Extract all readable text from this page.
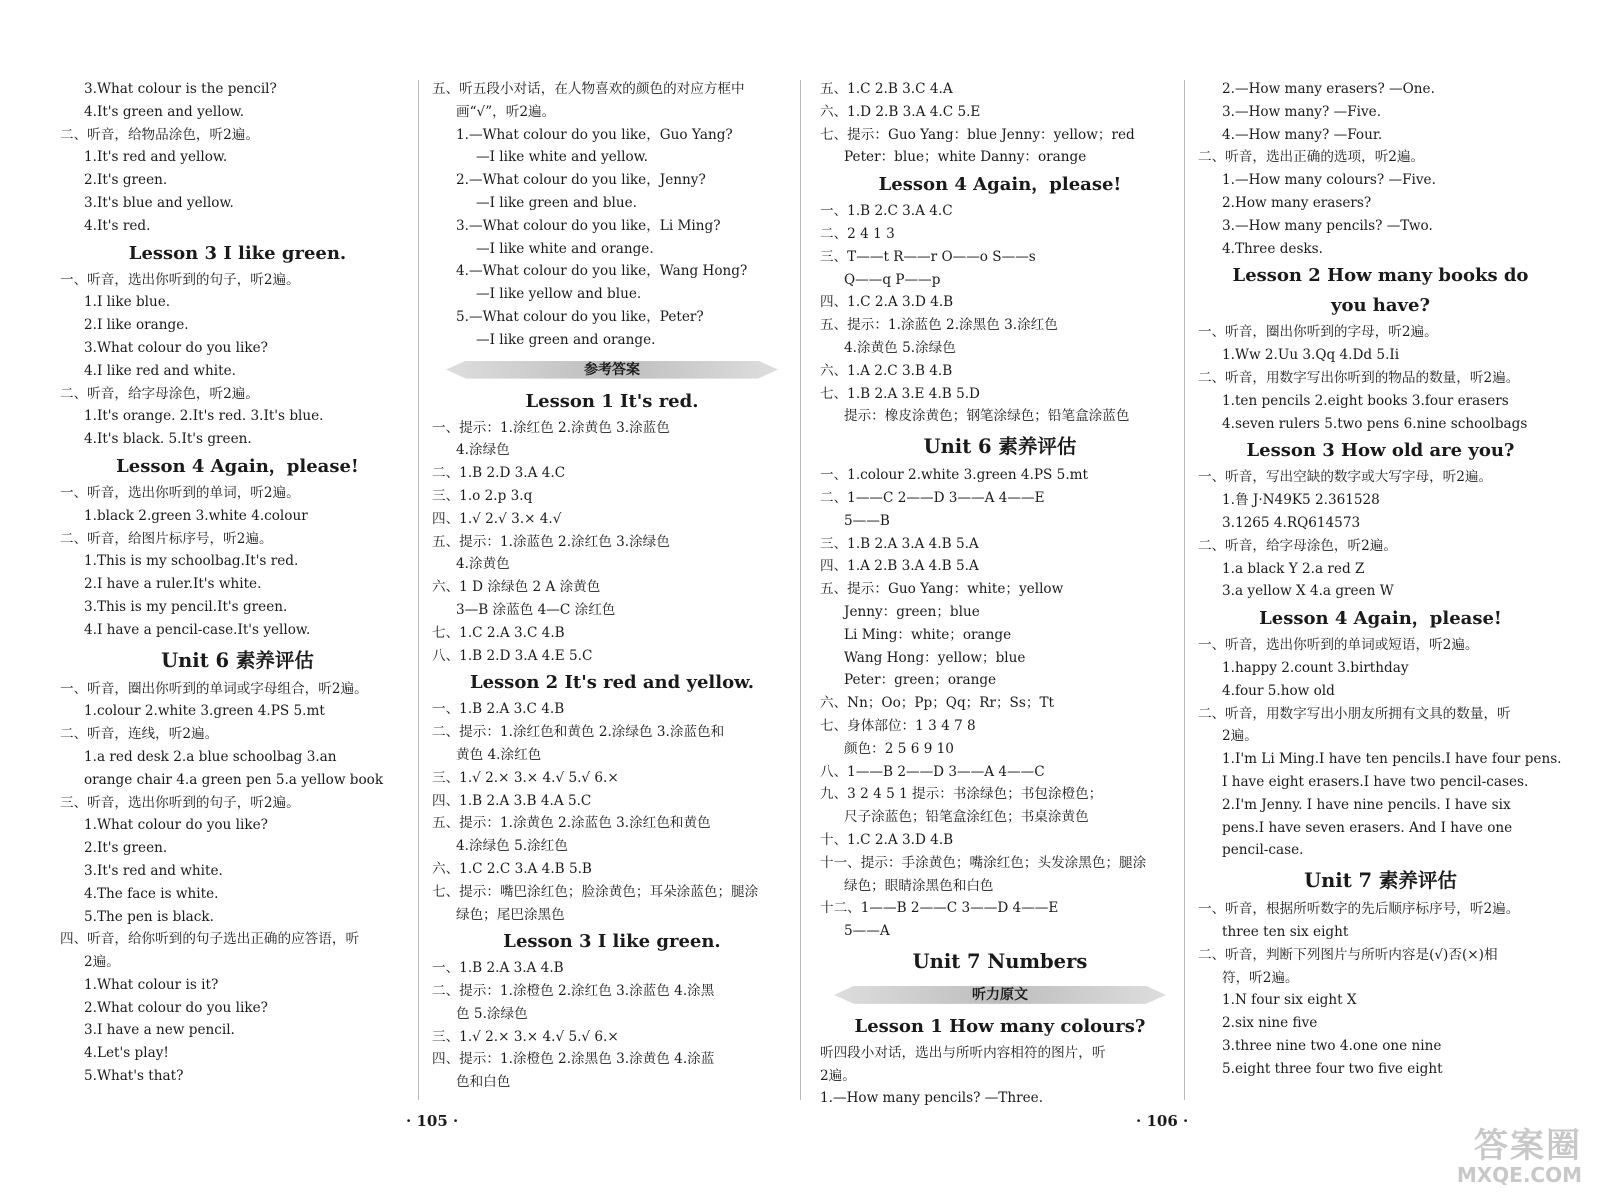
3.What colour is the pencil?
4.It's green and yellow.
二、听音，给物品涂色，听2遍。
1.It's red and yellow.
2.It's green.
3.It's blue and yellow.
4.It's red.
Lesson 3 I like green.
一、听音，选出你听到的句子，听2遍。
1.I like blue.
2.I like orange.
3.What colour do you like?
4.I like red and white.
二、听音，给字母涂色，听2遍。
1.It's orange. 2.It's red. 3.It's blue.
4.It's black. 5.It's green.
Lesson 4 Again，please!
一、听音，选出你听到的单词，听2遍。
1.black 2.green 3.white 4.colour
二、听音，给图片标序号，听2遍。
1.This is my schoolbag.It's red.
2.I have a ruler.It's white.
3.This is my pencil.It's green.
4.I have a pencil-case.It's yellow.
Unit 6 素养评估
一、听音，圈出你听到的单词或字母组合，听2遍。
1.colour 2.white 3.green 4.PS 5.mt
二、听音，连线，听2遍。
1.a red desk 2.a blue schoolbag 3.an
orange chair 4.a green pen 5.a yellow book
三、听音，选出你听到的句子，听2遍。
1.What colour do you like?
2.It's green.
3.It's red and white.
4.The face is white.
5.The pen is black.
四、听音，给你听到的句子选出正确的应答语，听
2遍。
1.What colour is it?
2.What colour do you like?
3.I have a new pencil.
4.Let's play!
5.What's that?
五、听五段小对话，在人物喜欢的颜色的对应方框中
画“√”，听2遍。
1.—What colour do you like，Guo Yang?
—I like white and yellow.
2.—What colour do you like，Jenny?
—I like green and blue.
3.—What colour do you like，Li Ming?
—I like white and orange.
4.—What colour do you like，Wang Hong?
—I like yellow and blue.
5.—What colour do you like，Peter?
—I like green and orange.
参考答案
Lesson 1 It's red.
一、提示：1.涂红色 2.涂黄色 3.涂蓝色
4.涂绿色
二、1.B 2.D 3.A 4.C
三、1.o 2.p 3.q
四、1.√ 2.√ 3.× 4.√
五、提示：1.涂蓝色 2.涂红色 3.涂绿色
4.涂黄色
六、1 D 涂绿色 2 A 涂黄色
3—B 涂蓝色 4—C 涂红色
七、1.C 2.A 3.C 4.B
八、1.B 2.D 3.A 4.E 5.C
Lesson 2 It's red and yellow.
一、1.B 2.A 3.C 4.B
二、提示：1.涂红色和黄色 2.涂绿色 3.涂蓝色和
黄色 4.涂红色
三、1.√ 2.× 3.× 4.√ 5.√ 6.×
四、1.B 2.A 3.B 4.A 5.C
五、提示：1.涂黄色 2.涂蓝色 3.涂红色和黄色
4.涂绿色 5.涂红色
六、1.C 2.C 3.A 4.B 5.B
七、提示：嘴巴涂红色；脸涂黄色；耳朵涂蓝色；腿涂
绿色；尾巴涂黑色
Lesson 3 I like green.
一、1.B 2.A 3.A 4.B
二、提示：1.涂橙色 2.涂红色 3.涂蓝色 4.涂黑
色 5.涂绿色
三、1.√ 2.× 3.× 4.√ 5.√ 6.×
四、提示：1.涂橙色 2.涂黑色 3.涂黄色 4.涂蓝
色和白色
五、1.C 2.B 3.C 4.A
六、1.D 2.B 3.A 4.C 5.E
七、提示：Guo Yang：blue Jenny：yellow；red
Peter：blue；white Danny：orange
Lesson 4 Again，please!
一、1.B 2.C 3.A 4.C
二、2 4 1 3
三、T——t R——r O——o S——s
Q——q P——p
四、1.C 2.A 3.D 4.B
五、提示：1.涂蓝色 2.涂黑色 3.涂红色
4.涂黄色 5.涂绿色
六、1.A 2.C 3.B 4.B
七、1.B 2.A 3.E 4.B 5.D
提示：橡皮涂黄色；钢笔涂绿色；铅笔盒涂蓝色
Unit 6 素养评估
一、1.colour 2.white 3.green 4.PS 5.mt
二、1——C 2——D 3——A 4——E
5——B
三、1.B 2.A 3.A 4.B 5.A
四、1.A 2.B 3.A 4.B 5.A
五、提示：Guo Yang：white；yellow
Jenny：green；blue
Li Ming：white；orange
Wang Hong：yellow；blue
Peter：green；orange
六、Nn；Oo；Pp；Qq；Rr；Ss；Tt
七、身体部位：1 3 4 7 8
颜色：2 5 6 9 10
八、1——B 2——D 3——A 4——C
九、3 2 4 5 1 提示：书涂绿色；书包涂橙色；
尺子涂蓝色；铅笔盒涂红色；书桌涂黄色
十、1.C 2.A 3.D 4.B
十一、提示：手涂黄色；嘴涂红色；头发涂黑色；腿涂
绿色；眼睛涂黑色和白色
十二、1——B 2——C 3——D 4——E
5——A
Unit 7 Numbers
听力原文
Lesson 1 How many colours?
听四段小对话，选出与所听内容相符的图片，听
2遍。
1.—How many pencils? —Three.
2.—How many erasers? —One.
3.—How many? —Five.
4.—How many? —Four.
二、听音，选出正确的选项，听2遍。
1.—How many colours? —Five.
2.How many erasers?
3.—How many pencils? —Two.
4.Three desks.
Lesson 2 How many books do
you have?
一、听音，圈出你听到的字母，听2遍。
1.Ww 2.Uu 3.Qq 4.Dd 5.Ii
二、听音，用数字写出你听到的物品的数量，听2遍。
1.ten pencils 2.eight books 3.four erasers
4.seven rulers 5.two pens 6.nine schoolbags
Lesson 3 How old are you?
一、听音，写出空缺的数字或大写字母，听2遍。
1.鲁 J·N49K5 2.361528
3.1265 4.RQ614573
二、听音，给字母涂色，听2遍。
1.a black Y 2.a red Z
3.a yellow X 4.a green W
Lesson 4 Again，please!
一、听音，选出你听到的单词或短语，听2遍。
1.happy 2.count 3.birthday
4.four 5.how old
二、听音，用数字写出小朋友所拥有文具的数量，听
2遍。
1.I'm Li Ming.I have ten pencils.I have four pens.
I have eight erasers.I have two pencil-cases.
2.I'm Jenny. I have nine pencils. I have six
pens.I have seven erasers. And I have one
pencil-case.
Unit 7 素养评估
一、听音，根据所听数字的先后顺序标序号，听2遍。
three ten six eight
二、听音，判断下列图片与所听内容是(√)否(×)相
符，听2遍。
1.N four six eight X
2.six nine five
3.three nine two 4.one one nine
5.eight three four two five eight
· 105 ·	· 106 ·
答案圈
MXQE.COM
